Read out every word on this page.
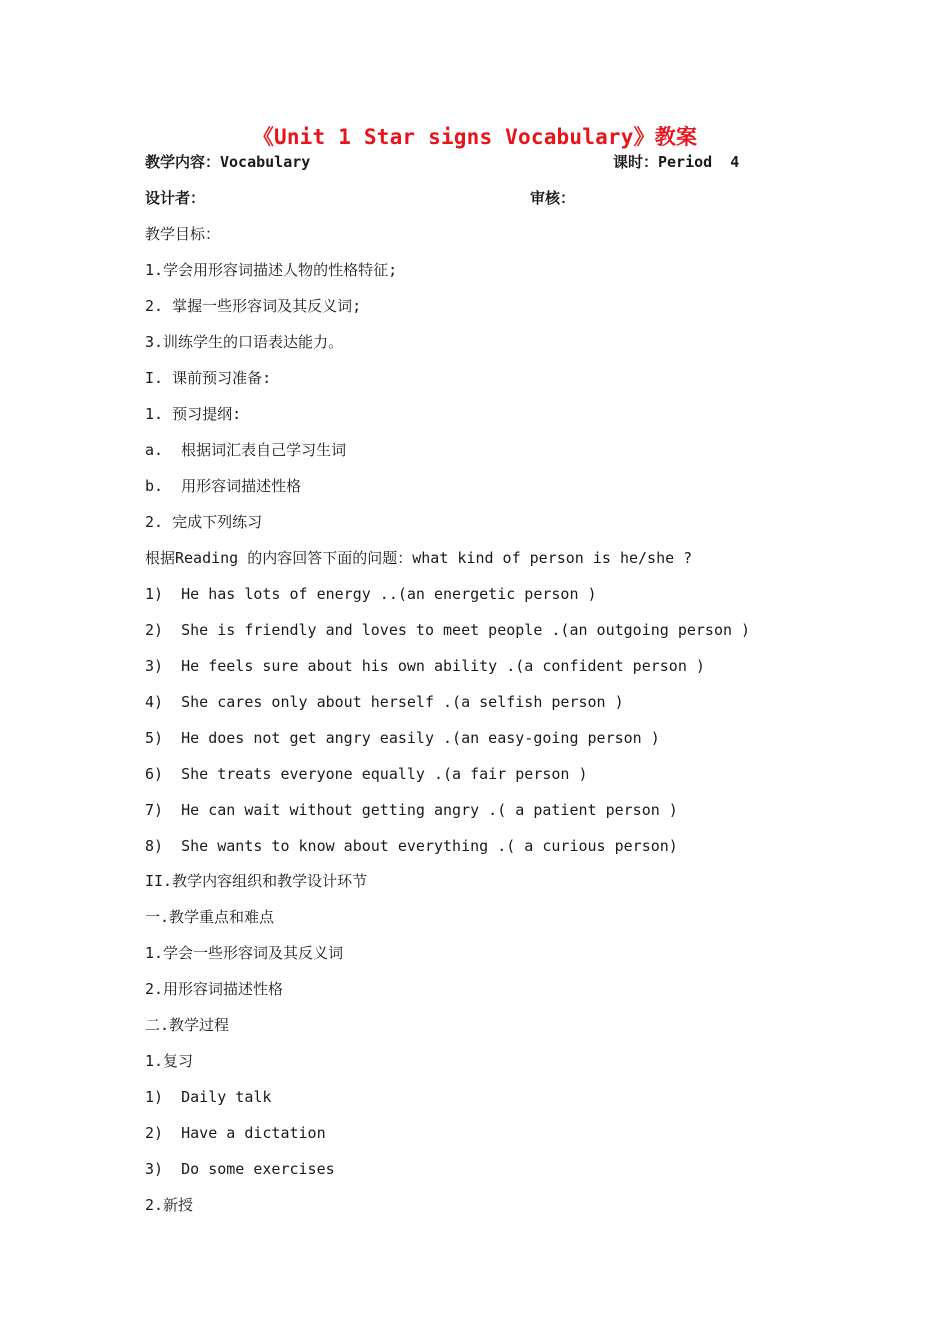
《Unit 1 Star signs Vocabulary》教案
教学内容：Vocabulary	课时：Period  4
设计者：	审核：
教学目标：
1.学会用形容词描述人物的性格特征;
2. 掌握一些形容词及其反义词;
3.训练学生的口语表达能力。
I. 课前预习准备:
1. 预习提纲:
a.  根据词汇表自己学习生词
b.  用形容词描述性格
2. 完成下列练习
根据Reading 的内容回答下面的问题：what kind of person is he/she ?
1)  He has lots of energy ..(an energetic person )
2)  She is friendly and loves to meet people .(an outgoing person )
3)  He feels sure about his own ability .(a confident person )
4)  She cares only about herself .(a selfish person )
5)  He does not get angry easily .(an easy-going person )
6)  She treats everyone equally .(a fair person )
7)  He can wait without getting angry .( a patient person )
8)  She wants to know about everything .( a curious person)
II.教学内容组织和教学设计环节
一.教学重点和难点
1.学会一些形容词及其反义词
2.用形容词描述性格
二.教学过程
1.复习
1)  Daily talk
2)  Have a dictation
3)  Do some exercises
2.新授
